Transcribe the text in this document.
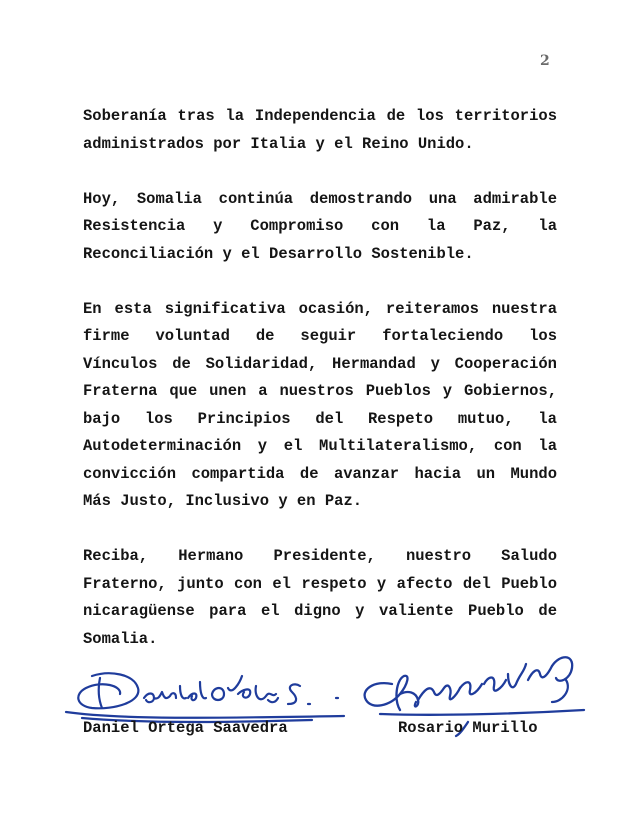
2

Soberanía tras la Independencia de los territorios administrados por Italia y el Reino Unido.

Hoy, Somalia continúa demostrando una admirable Resistencia y Compromiso con la Paz, la Reconciliación y el Desarrollo Sostenible.

En esta significativa ocasión, reiteramos nuestra firme voluntad de seguir fortaleciendo los Vínculos de Solidaridad, Hermandad y Cooperación Fraterna que unen a nuestros Pueblos y Gobiernos, bajo los Principios del Respeto mutuo, la Autodeterminación y el Multilateralismo, con la convicción compartida de avanzar hacia un Mundo Más Justo, Inclusivo y en Paz.

Reciba, Hermano Presidente, nuestro Saludo Fraterno, junto con el respeto y afecto del Pueblo nicaragüense para el digno y valiente Pueblo de Somalia.

Daniel Ortega Saavedra	Rosario Murillo
